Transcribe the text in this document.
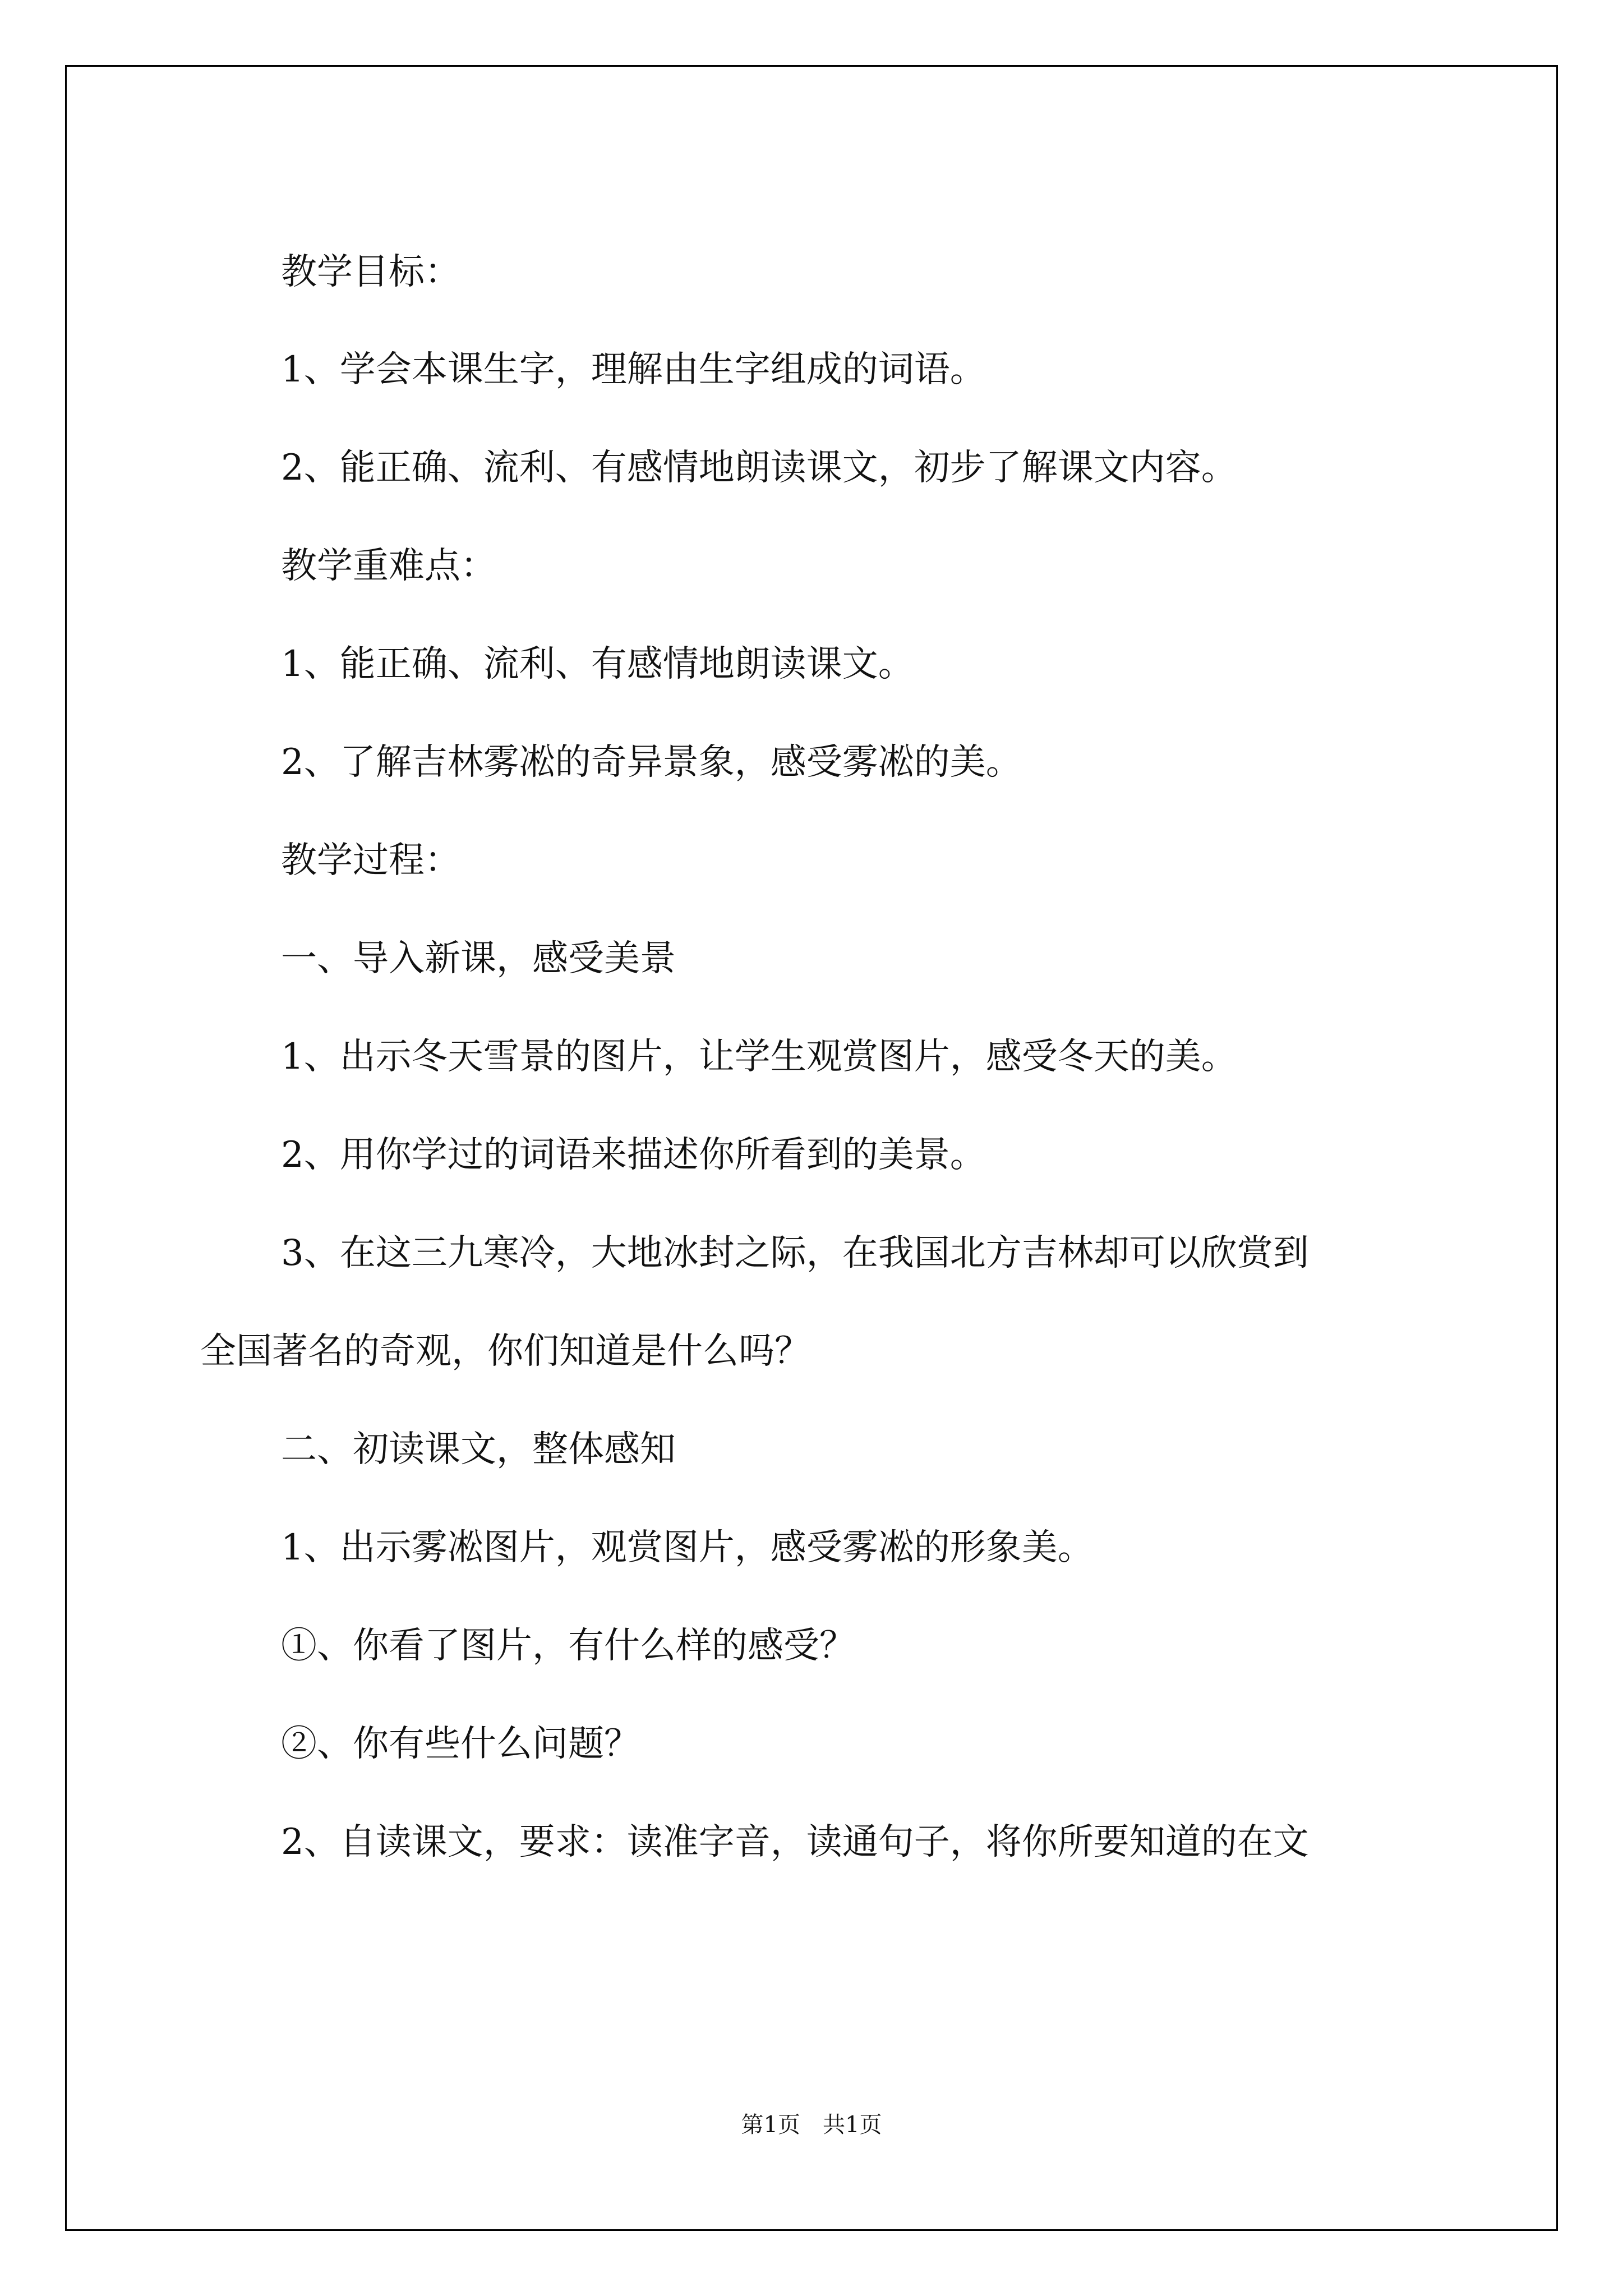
教学目标：
1、学会本课生字，理解由生字组成的词语。
2、能正确、流利、有感情地朗读课文，初步了解课文内容。
教学重难点：
1、能正确、流利、有感情地朗读课文。
2、了解吉林雾凇的奇异景象，感受雾凇的美。
教学过程：
一、导入新课，感受美景
1、出示冬天雪景的图片，让学生观赏图片，感受冬天的美。
2、用你学过的词语来描述你所看到的美景。
3、在这三九寒冷，大地冰封之际，在我国北方吉林却可以欣赏到
全国著名的奇观，你们知道是什么吗？
二、初读课文，整体感知
1、出示雾凇图片，观赏图片，感受雾凇的形象美。
①、你看了图片，有什么样的感受？
②、你有些什么问题？
2、自读课文，要求：读准字音，读通句子，将你所要知道的在文
第1页　共1页
